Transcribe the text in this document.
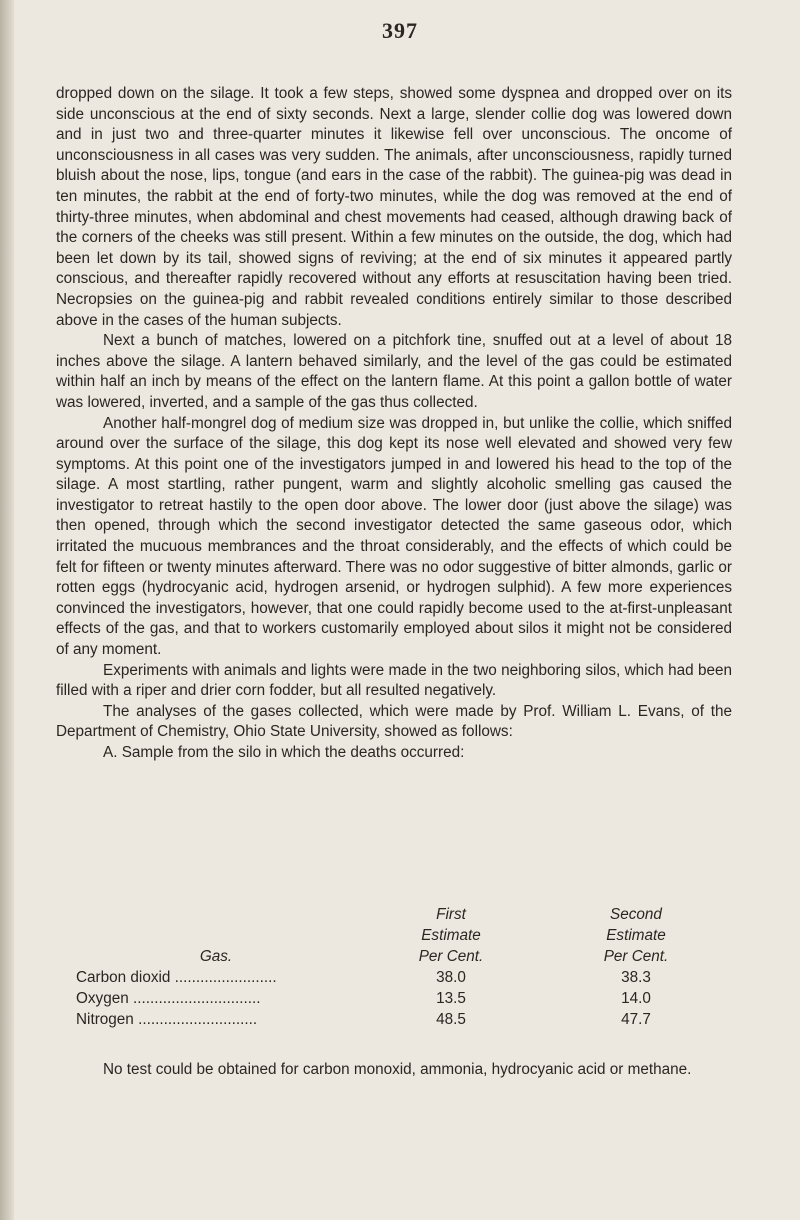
397

dropped down on the silage. It took a few steps, showed some dyspnea and dropped over on its side unconscious at the end of sixty seconds. Next a large, slender collie dog was lowered down and in just two and three-quarter minutes it likewise fell over unconscious. The oncome of unconsciousness in all cases was very sudden. The animals, after unconsciousness, rapidly turned bluish about the nose, lips, tongue (and ears in the case of the rabbit). The guinea-pig was dead in ten minutes, the rabbit at the end of forty-two minutes, while the dog was removed at the end of thirty-three minutes, when abdominal and chest movements had ceased, although drawing back of the corners of the cheeks was still present. Within a few minutes on the outside, the dog, which had been let down by its tail, showed signs of reviving; at the end of six minutes it appeared partly conscious, and thereafter rapidly recovered without any efforts at resuscitation having been tried. Necropsies on the guinea-pig and rabbit revealed conditions entirely similar to those described above in the cases of the human subjects.

Next a bunch of matches, lowered on a pitchfork tine, snuffed out at a level of about 18 inches above the silage. A lantern behaved similarly, and the level of the gas could be estimated within half an inch by means of the effect on the lantern flame. At this point a gallon bottle of water was lowered, inverted, and a sample of the gas thus collected.

Another half-mongrel dog of medium size was dropped in, but unlike the collie, which sniffed around over the surface of the silage, this dog kept its nose well elevated and showed very few symptoms. At this point one of the investigators jumped in and lowered his head to the top of the silage. A most startling, rather pungent, warm and slightly alcoholic smelling gas caused the investigator to retreat hastily to the open door above. The lower door (just above the silage) was then opened, through which the second investigator detected the same gaseous odor, which irritated the mucuous membrances and the throat considerably, and the effects of which could be felt for fifteen or twenty minutes afterward. There was no odor suggestive of bitter almonds, garlic or rotten eggs (hydrocyanic acid, hydrogen arsenid, or hydrogen sulphid). A few more experiences convinced the investigators, however, that one could rapidly become used to the at-first-unpleasant effects of the gas, and that to workers customarily employed about silos it might not be considered of any moment.

Experiments with animals and lights were made in the two neighboring silos, which had been filled with a riper and drier corn fodder, but all resulted negatively.

The analyses of the gases collected, which were made by Prof. William L. Evans, of the Department of Chemistry, Ohio State University, showed as follows:

A. Sample from the silo in which the deaths occurred:

	First	Second
	Estimate	Estimate
Gas.	Per Cent.	Per Cent.
Carbon dioxid ........................	38.0	38.3
Oxygen ..............................	13.5	14.0
Nitrogen ............................	48.5	47.7

No test could be obtained for carbon monoxid, ammonia, hydrocyanic acid or methane.
